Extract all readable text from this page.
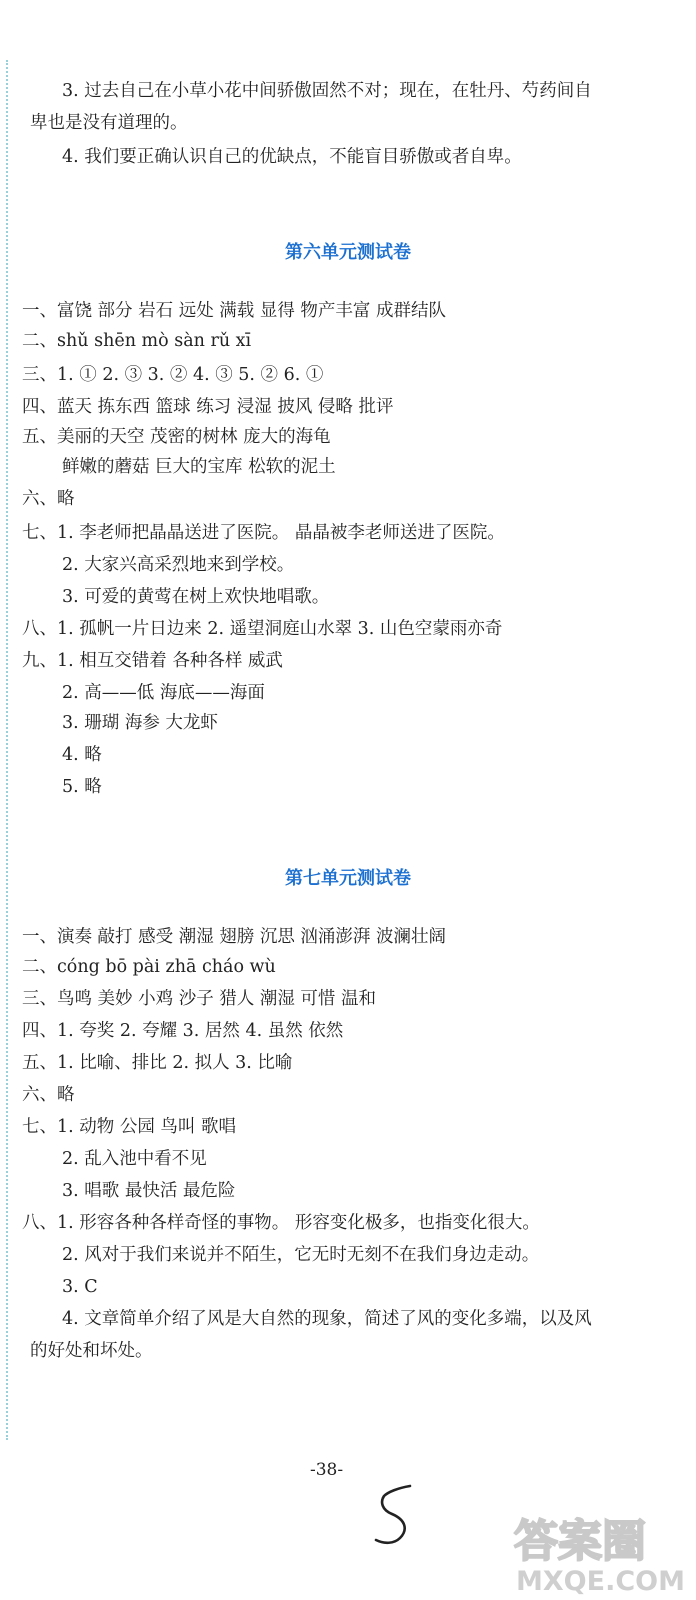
3. 过去自己在小草小花中间骄傲固然不对；现在，在牡丹、芍药间自
卑也是没有道理的。
4. 我们要正确认识自己的优缺点，不能盲目骄傲或者自卑。
第六单元测试卷
一、富饶 部分 岩石 远处 满载 显得 物产丰富 成群结队
二、shǔ shēn mò sàn rǔ xī
三、1. ① 2. ③ 3. ② 4. ③ 5. ② 6. ①
四、蓝天 拣东西 篮球 练习 浸湿 披风 侵略 批评
五、美丽的天空 茂密的树林 庞大的海龟
鲜嫩的蘑菇 巨大的宝库 松软的泥土
六、略
七、1. 李老师把晶晶送进了医院。 晶晶被李老师送进了医院。
2. 大家兴高采烈地来到学校。
3. 可爱的黄莺在树上欢快地唱歌。
八、1. 孤帆一片日边来 2. 遥望洞庭山水翠 3. 山色空蒙雨亦奇
九、1. 相互交错着 各种各样 威武
2. 高——低 海底——海面
3. 珊瑚 海参 大龙虾
4. 略
5. 略
第七单元测试卷
一、演奏 敲打 感受 潮湿 翅膀 沉思 汹涌澎湃 波澜壮阔
二、cóng bō pài zhā cháo wù
三、鸟鸣 美妙 小鸡 沙子 猎人 潮湿 可惜 温和
四、1. 夸奖 2. 夸耀 3. 居然 4. 虽然 依然
五、1. 比喻、排比 2. 拟人 3. 比喻
六、略
七、1. 动物 公园 鸟叫 歌唱
2. 乱入池中看不见
3. 唱歌 最快活 最危险
八、1. 形容各种各样奇怪的事物。 形容变化极多，也指变化很大。
2. 风对于我们来说并不陌生，它无时无刻不在我们身边走动。
3. C
4. 文章简单介绍了风是大自然的现象，简述了风的变化多端，以及风
的好处和坏处。
-38-
答案圈
MXQE.COM
